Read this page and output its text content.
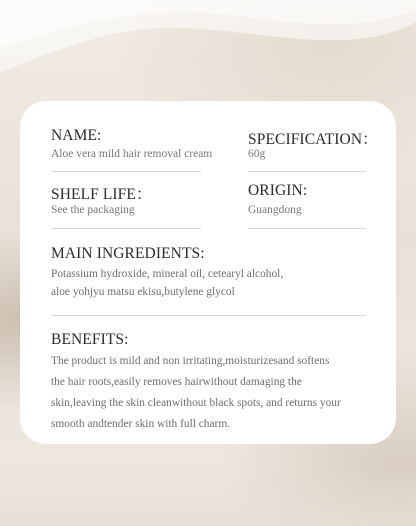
NAME:
Aloe vera mild hair removal cream
SPECIFICATION：
60g
SHELF LIFE：
See the packaging
ORIGIN:
Guangdong
MAIN INGREDIENTS:
Potassium hydroxide, mineral oil, cetearyl alcohol,
aloe yohjyu matsu ekisu,butylene glycol
BENEFITS:
The product is mild and non irritating,moisturizesand softens
the hair roots,easily removes hairwithout damaging the
skin,leaving the skin cleanwithout black spots, and returns your
smooth andtender skin with full charm.
